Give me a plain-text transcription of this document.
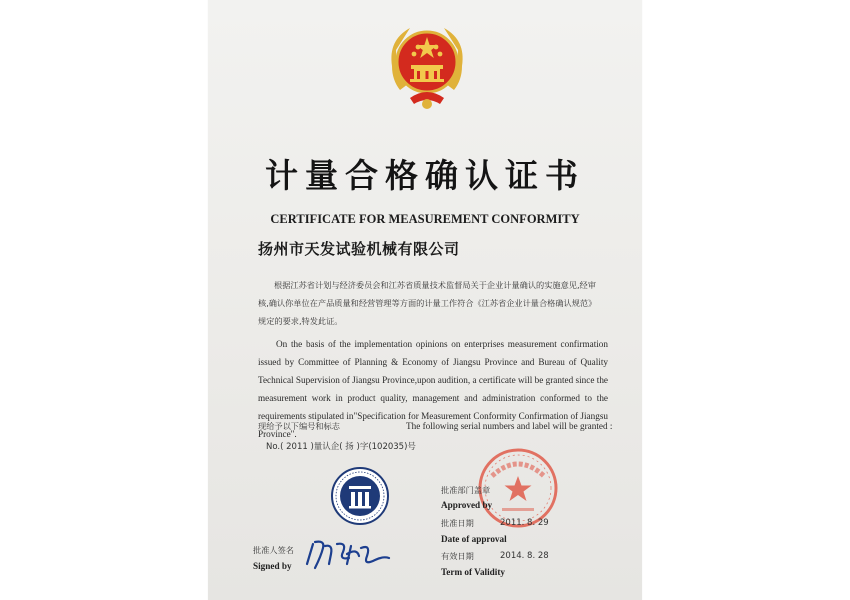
计量合格确认证书
CERTIFICATE FOR MEASUREMENT CONFORMITY
扬州市天发试验机械有限公司

根据江苏省计划与经济委员会和江苏省质量技术监督局关于企业计量确认的实施意见,经审核,确认你单位在产品质量和经营管理等方面的计量工作符合《江苏省企业计量合格确认规范》规定的要求,特发此证。

On the basis of the implementation opinions on enterprises measurement confirmation issued by Committee of Planning & Economy of Jiangsu Province and Bureau of Quality Technical Supervision of Jiangsu Province,upon audition, a certificate will be granted since the measurement work in product quality, management and administration conformed to the requirements stipulated in"Specification for Measurement Conformity Confirmation of Jiangsu Province".

现给予以下编号和标志	The following serial numbers and label will be granted :
No.( 2011 )量认企( 扬 )字(102035)号
批准部门盖章
Approved by
批准日期	2011. 8. 29
Date of approval
有效日期	2014. 8. 28
Term of Validity
批准人签名
Signed by
